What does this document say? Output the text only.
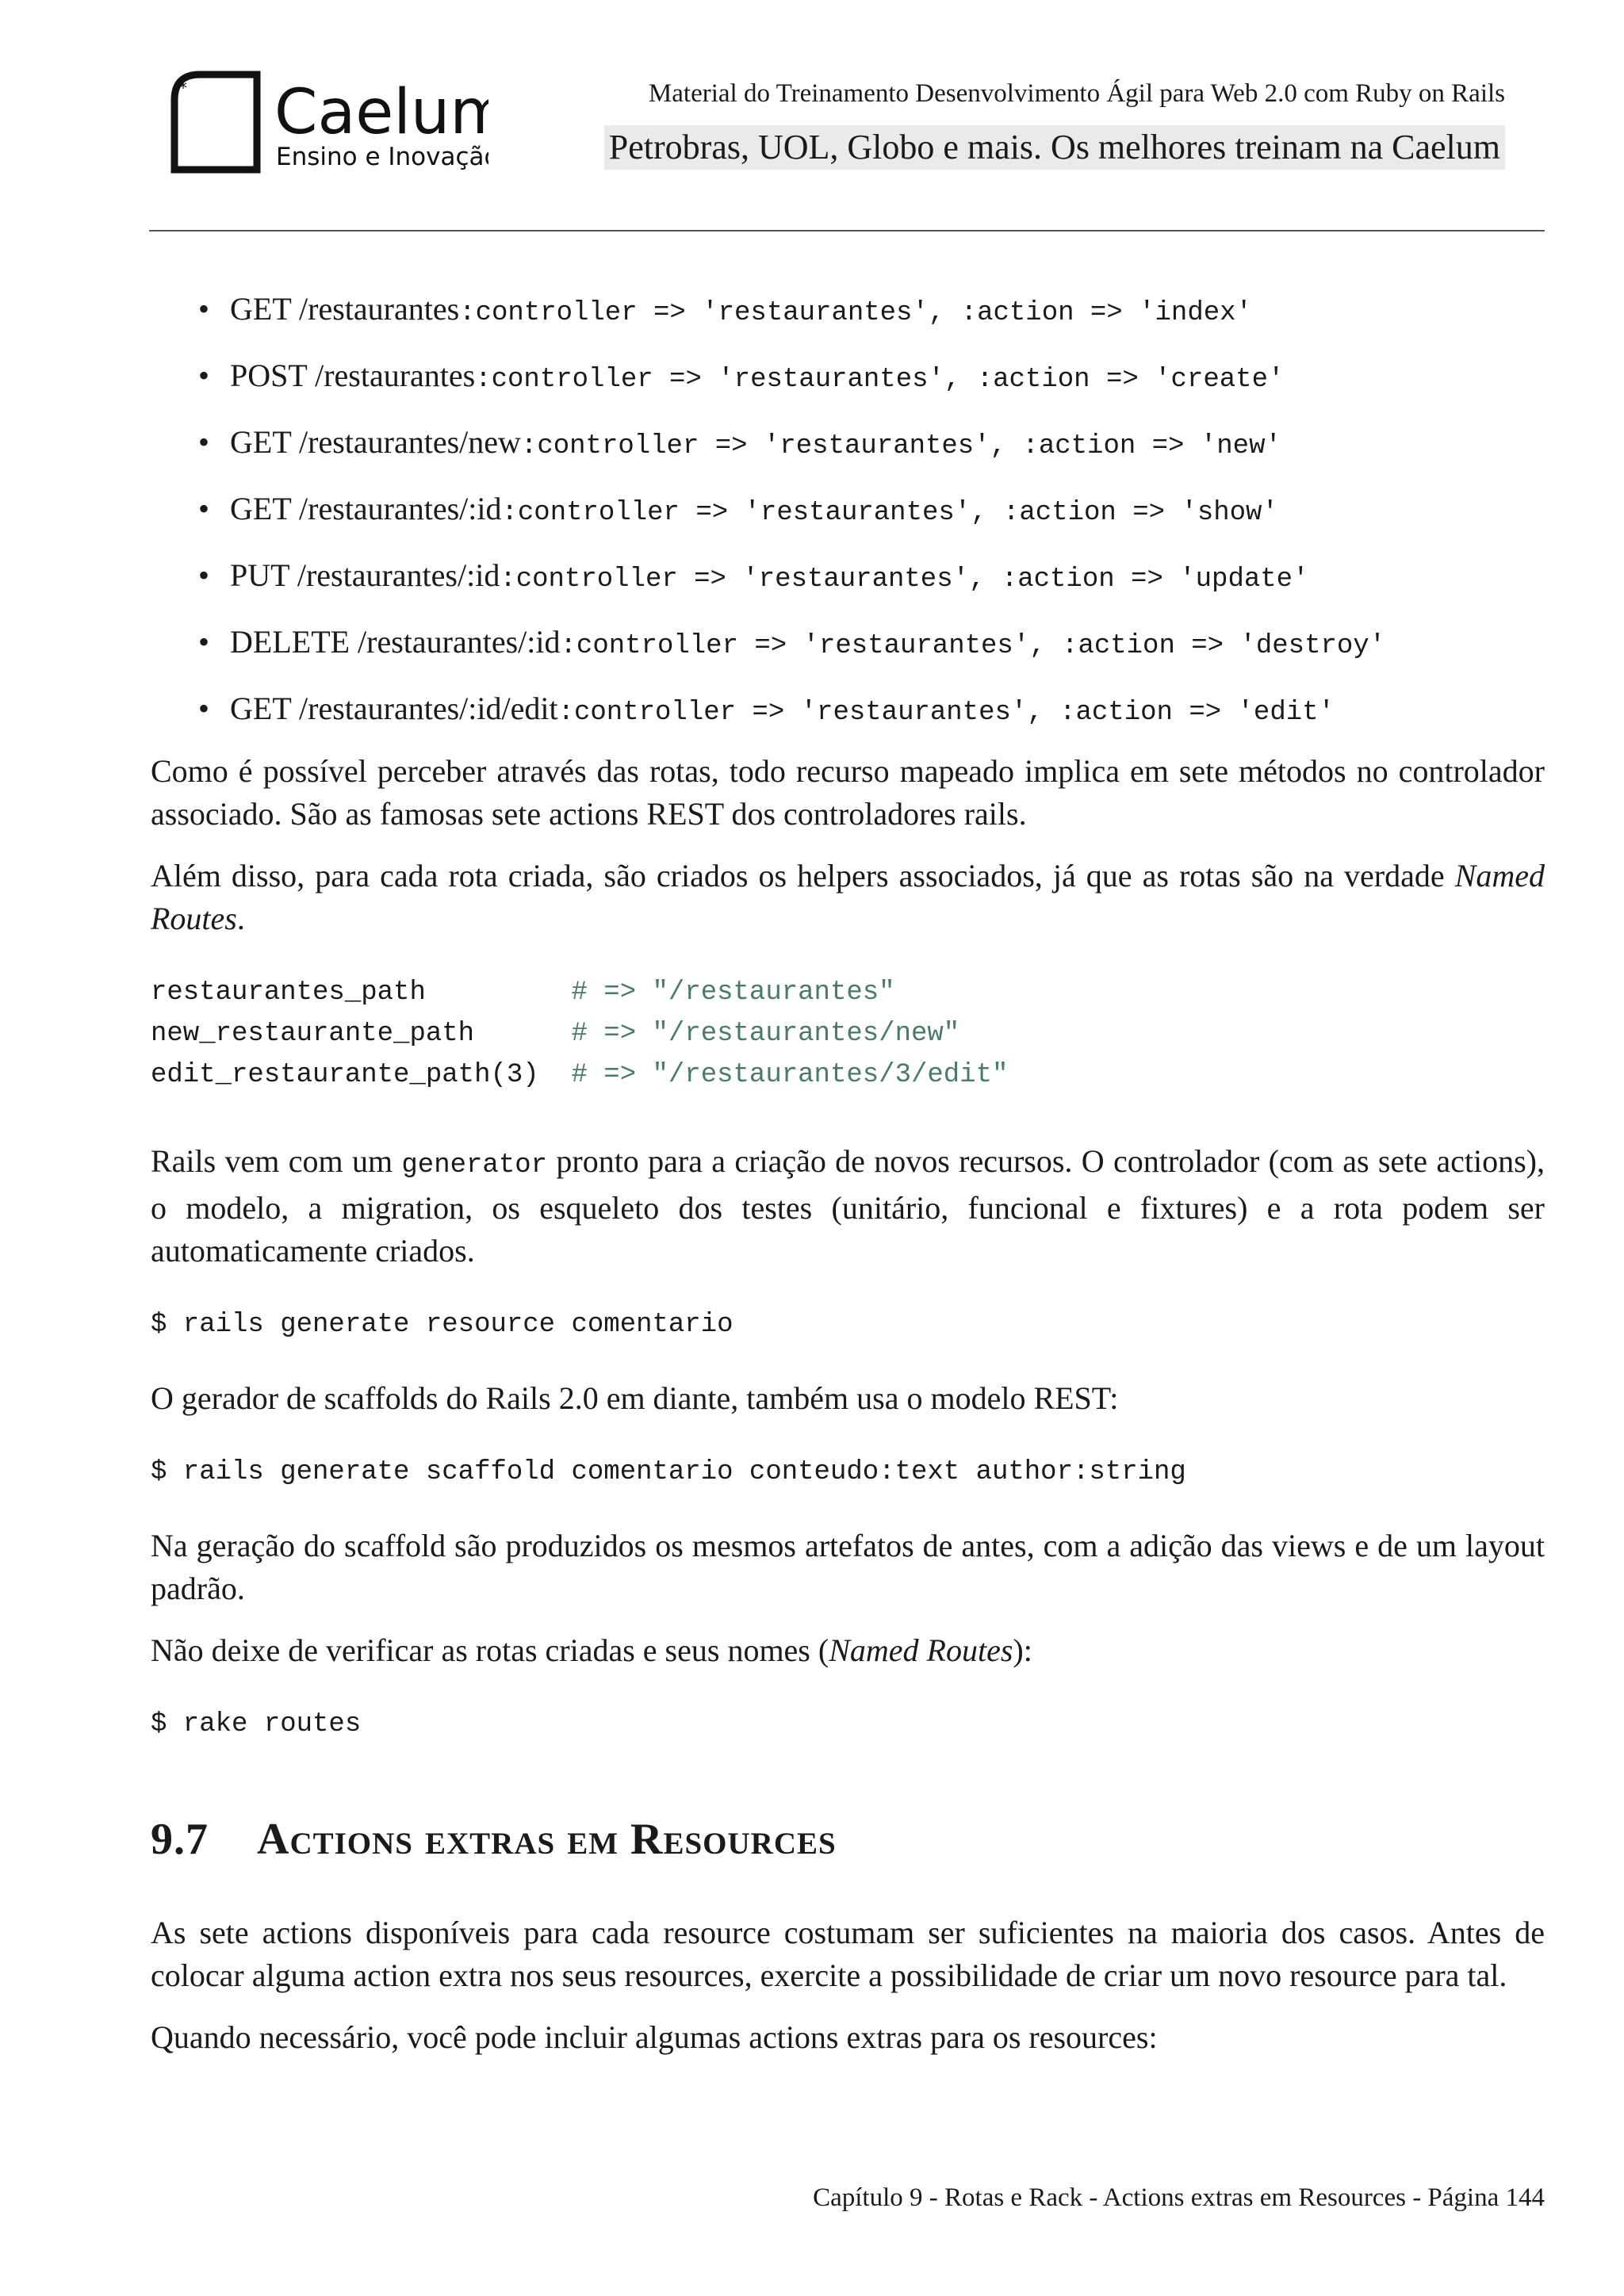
* Caelum
Ensino e Inovação
Material do Treinamento Desenvolvimento Ágil para Web 2.0 com Ruby on Rails
Petrobras, UOL, Globo e mais. Os melhores treinam na Caelum
• GET /restaurantes:controller => 'restaurantes', :action => 'index'
• POST /restaurantes:controller => 'restaurantes', :action => 'create'
• GET /restaurantes/new:controller => 'restaurantes', :action => 'new'
• GET /restaurantes/:id:controller => 'restaurantes', :action => 'show'
• PUT /restaurantes/:id:controller => 'restaurantes', :action => 'update'
• DELETE /restaurantes/:id:controller => 'restaurantes', :action => 'destroy'
• GET /restaurantes/:id/edit:controller => 'restaurantes', :action => 'edit'

Como é possível perceber através das rotas, todo recurso mapeado implica em sete métodos no controlador associado. São as famosas sete actions REST dos controladores rails.

Além disso, para cada rota criada, são criados os helpers associados, já que as rotas são na verdade Named Routes.

restaurantes_path         # => "/restaurantes"
new_restaurante_path      # => "/restaurantes/new"
edit_restaurante_path(3)  # => "/restaurantes/3/edit"

Rails vem com um generator pronto para a criação de novos recursos. O controlador (com as sete actions), o modelo, a migration, os esqueleto dos testes (unitário, funcional e fixtures) e a rota podem ser automaticamente criados.

$ rails generate resource comentario

O gerador de scaffolds do Rails 2.0 em diante, também usa o modelo REST:

$ rails generate scaffold comentario conteudo:text author:string

Na geração do scaffold são produzidos os mesmos artefatos de antes, com a adição das views e de um layout padrão.

Não deixe de verificar as rotas criadas e seus nomes (Named Routes):

$ rake routes
9.7 Actions extras em Resources

As sete actions disponíveis para cada resource costumam ser suficientes na maioria dos casos. Antes de colocar alguma action extra nos seus resources, exercite a possibilidade de criar um novo resource para tal.

Quando necessário, você pode incluir algumas actions extras para os resources:

Capítulo 9 - Rotas e Rack - Actions extras em Resources - Página 144
